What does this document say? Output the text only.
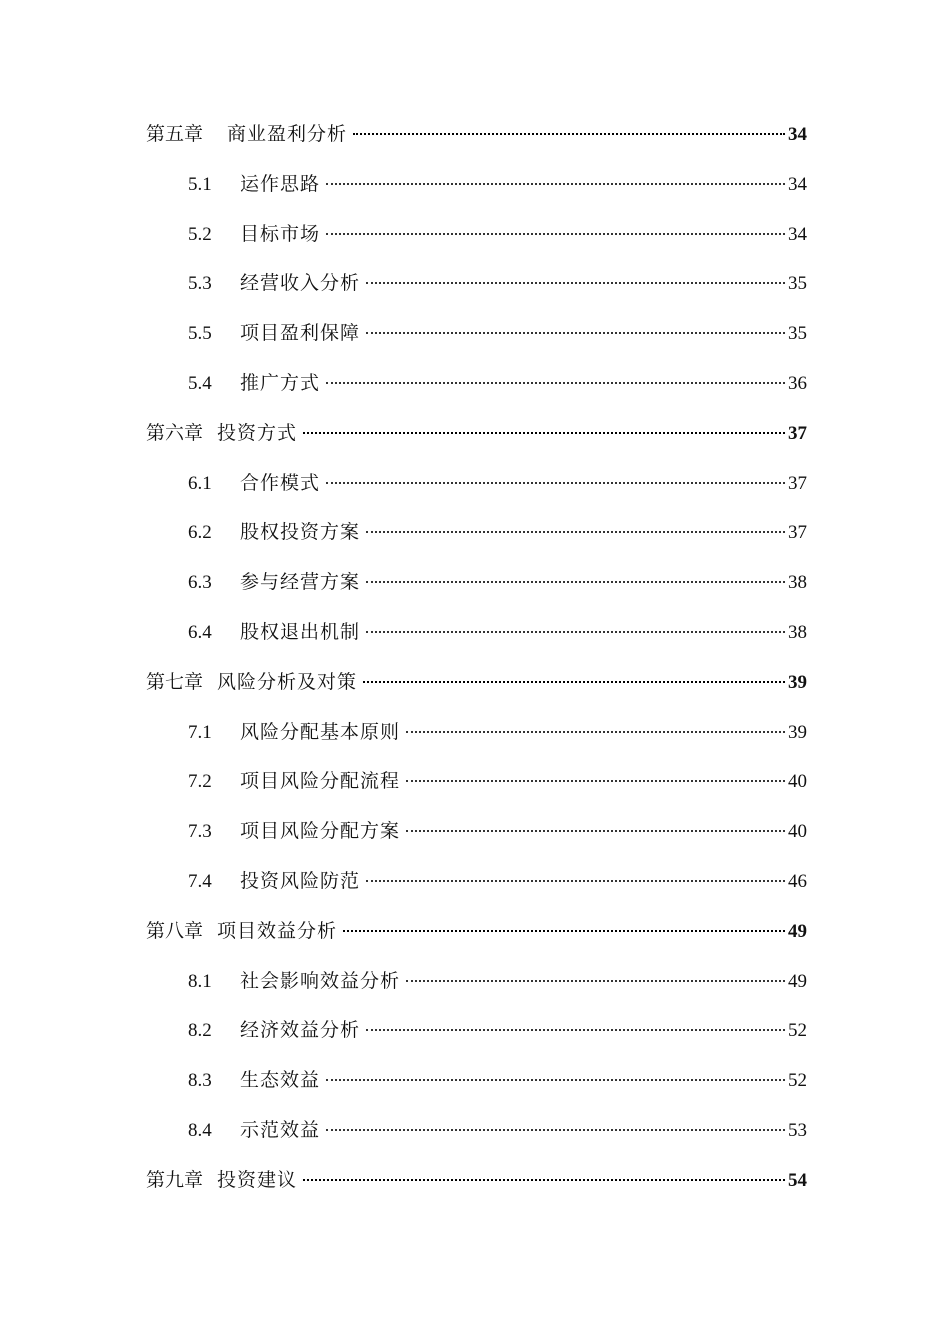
第五章 商业盈利分析	34
5.1	运作思路	34
5.2	目标市场	34
5.3	经营收入分析	35
5.5	项目盈利保障	35
5.4	推广方式	36
第六章 投资方式	37
6.1	合作模式	37
6.2	股权投资方案	37
6.3	参与经营方案	38
6.4	股权退出机制	38
第七章 风险分析及对策	39
7.1	风险分配基本原则	39
7.2	项目风险分配流程	40
7.3	项目风险分配方案	40
7.4	投资风险防范	46
第八章 项目效益分析	49
8.1	社会影响效益分析	49
8.2	经济效益分析	52
8.3	生态效益	52
8.4	示范效益	53
第九章 投资建议	54
